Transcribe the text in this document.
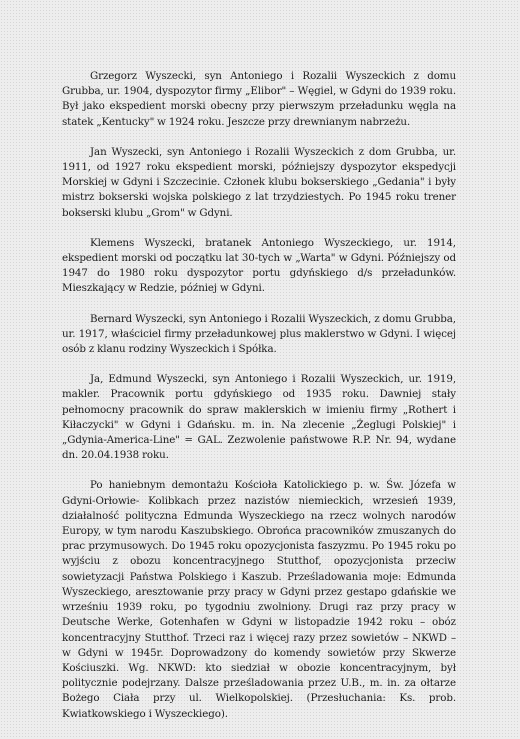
Grzegorz Wyszecki, syn Antoniego i Rozalii Wyszeckich z domu Grubba, ur. 1904, dyspozytor firmy „Elibor" – Węgiel, w Gdyni do 1939 roku. Był jako ekspedient morski obecny przy pierwszym przeładunku węgla na statek „Kentucky" w 1924 roku. Jeszcze przy drewnianym nabrzeżu.

Jan Wyszecki, syn Antoniego i Rozalii Wyszeckich z dom Grubba, ur. 1911, od 1927 roku ekspedient morski, późniejszy dyspozytor ekspedycji Morskiej w Gdyni i Szczecinie. Członek klubu bokserskiego „Gedania" i były mistrz bokserski wojska polskiego z lat trzydziestych. Po 1945 roku trener bokserski klubu „Grom" w Gdyni.

Klemens Wyszecki, bratanek Antoniego Wyszeckiego, ur. 1914, ekspedient morski od początku lat 30-tych w „Warta" w Gdyni. Późniejszy od 1947 do 1980 roku dyspozytor portu gdyńskiego d/s przeładunków. Mieszkający w Redzie, później w Gdyni.

Bernard Wyszecki, syn Antoniego i Rozalii Wyszeckich, z domu Grubba, ur. 1917, właściciel firmy przeładunkowej plus maklerstwo w Gdyni. I więcej osób z klanu rodziny Wyszeckich i Spółka.

Ja, Edmund Wyszecki, syn Antoniego i Rozalii Wyszeckich, ur. 1919, makler. Pracownik portu gdyńskiego od 1935 roku. Dawniej stały pełnomocny pracownik do spraw maklerskich w imieniu firmy „Rothert i Kiłaczycki" w Gdyni i Gdańsku. m. in. Na zlecenie „Żeglugi Polskiej" i „Gdynia-America-Line" = GAL. Zezwolenie państwowe R.P. Nr. 94, wydane dn. 20.04.1938 roku.

Po haniebnym demontażu Kościoła Katolickiego p. w. Św. Józefa w Gdyni-Orłowie- Kolibkach przez nazistów niemieckich, wrzesień 1939, działalność polityczna Edmunda Wyszeckiego na rzecz wolnych narodów Europy, w tym narodu Kaszubskiego. Obrońca pracowników zmuszanych do prac przymusowych. Do 1945 roku opozycjonista faszyzmu. Po 1945 roku po wyjściu z obozu koncentracyjnego Stutthof, opozycjonista przeciw sowietyzacji Państwa Polskiego i Kaszub. Prześladowania moje: Edmunda Wyszeckiego, aresztowanie przy pracy w Gdyni przez gestapo gdańskie we wrześniu 1939 roku, po tygodniu zwolniony. Drugi raz przy pracy w Deutsche Werke, Gotenhafen w Gdyni w listopadzie 1942 roku – obóz koncentracyjny Stutthof. Trzeci raz i więcej razy przez sowietów – NKWD – w Gdyni w 1945r. Doprowadzony do komendy sowietów przy Skwerze Kościuszki. Wg. NKWD: kto siedział w obozie koncentracyjnym, był politycznie podejrzany. Dalsze prześladowania przez U.B., m. in. za ołtarze Bożego Ciała przy ul. Wielkopolskiej. (Przesłuchania: Ks. prob. Kwiatkowskiego i Wyszeckiego).
